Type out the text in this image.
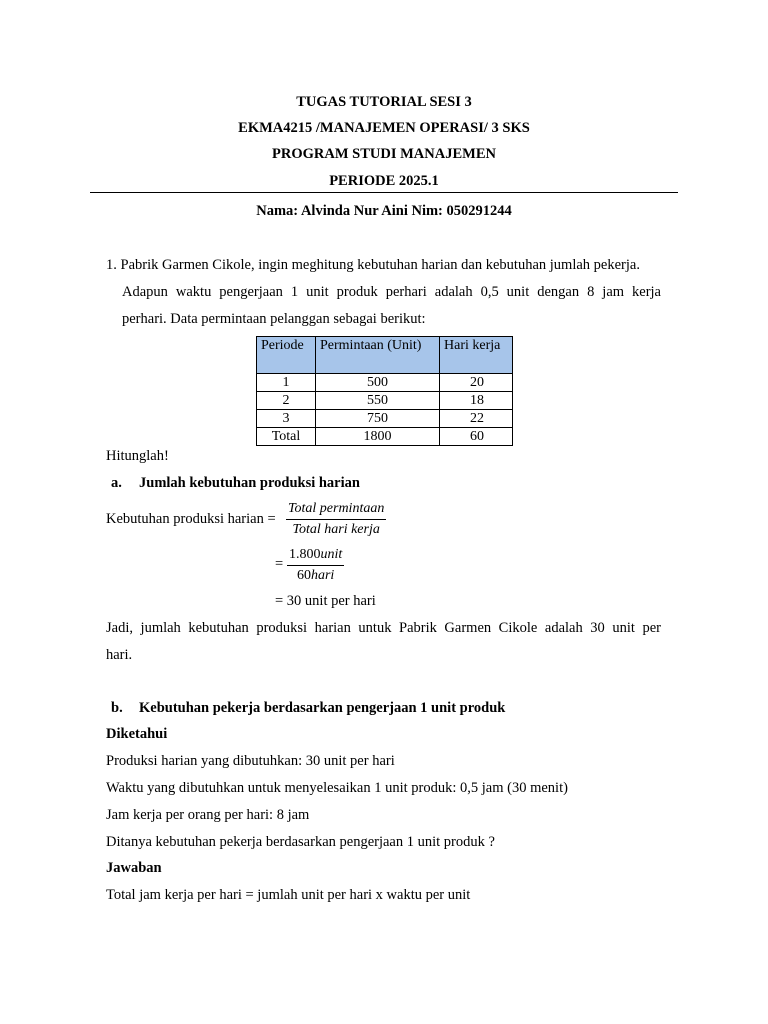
TUGAS TUTORIAL SESI 3
EKMA4215 /MANAJEMEN OPERASI/ 3 SKS
PROGRAM STUDI MANAJEMEN
PERIODE 2025.1
Nama: Alvinda Nur Aini Nim: 050291244
1. Pabrik Garmen Cikole, ingin meghitung kebutuhan harian dan kebutuhan jumlah pekerja.
Adapun waktu pengerjaan 1 unit produk perhari adalah 0,5 unit dengan 8 jam kerja
perhari. Data permintaan pelanggan sebagai berikut:
Periode	Permintaan (Unit)	Hari kerja
1	500	20
2	550	18
3	750	22
Total	1800	60
Hitunglah!
a. Jumlah kebutuhan produksi harian
Kebutuhan produksi harian =
Total permintaan
Total hari kerja
=
1.800unit
60hari
= 30 unit per hari
Jadi, jumlah kebutuhan produksi harian untuk Pabrik Garmen Cikole adalah 30 unit per
hari.
b. Kebutuhan pekerja berdasarkan pengerjaan 1 unit produk
Diketahui
Produksi harian yang dibutuhkan: 30 unit per hari
Waktu yang dibutuhkan untuk menyelesaikan 1 unit produk: 0,5 jam (30 menit)
Jam kerja per orang per hari: 8 jam
Ditanya kebutuhan pekerja berdasarkan pengerjaan 1 unit produk ?
Jawaban
Total jam kerja per hari = jumlah unit per hari x waktu per unit
